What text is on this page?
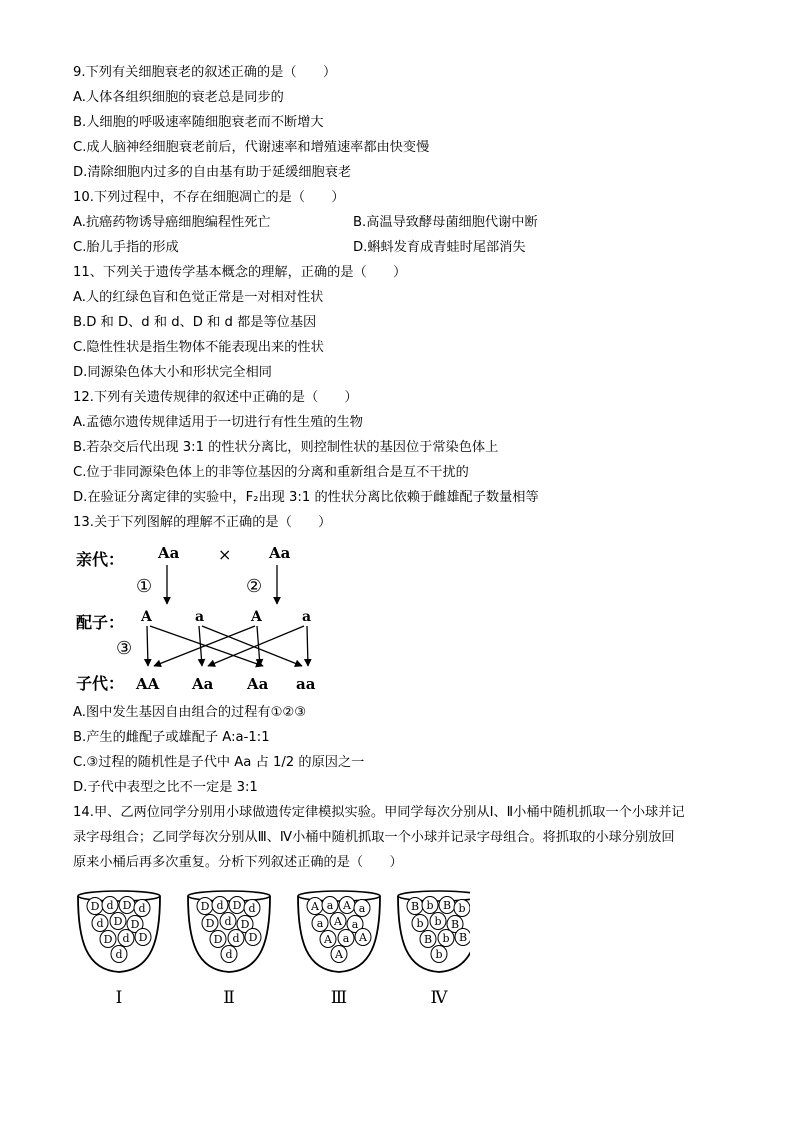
9.下列有关细胞衰老的叙述正确的是（　　）
A.人体各组织细胞的衰老总是同步的
B.人细胞的呼吸速率随细胞衰老而不断增大
C.成人脑神经细胞衰老前后，代谢速率和增殖速率都由快变慢
D.清除细胞内过多的自由基有助于延缓细胞衰老
10.下列过程中，不存在细胞凋亡的是（　　）
A.抗癌药物诱导癌细胞编程性死亡	B.高温导致酵母菌细胞代谢中断
C.胎儿手指的形成	D.蝌蚪发育成青蛙时尾部消失
11、下列关于遗传学基本概念的理解，正确的是（　　）
A.人的红绿色盲和色觉正常是一对相对性状
B.D 和 D、d 和 d、D 和 d 都是等位基因
C.隐性性状是指生物体不能表现出来的性状
D.同源染色体大小和形状完全相同
12.下列有关遗传规律的叙述中正确的是（　　）
A.孟德尔遗传规律适用于一切进行有性生殖的生物
B.若杂交后代出现 3:1 的性状分离比，则控制性状的基因位于常染色体上
C.位于非同源染色体上的非等位基因的分离和重新组合是互不干扰的
D.在验证分离定律的实验中，F₂出现 3:1 的性状分离比依赖于雌雄配子数量相等
13.关于下列图解的理解不正确的是（　　）
亲代： Aa ×	Aa
①	②
配子： A	a	A	a
③
子代： AA Aa Aa aa
A.图中发生基因自由组合的过程有①②③
B.产生的雌配子或雄配子 A:a-1:1
C.③过程的随机性是子代中 Aa 占 1/2 的原因之一
D.子代中表型之比不一定是 3:1
14.甲、乙两位同学分别用小球做遗传定律模拟实验。甲同学每次分别从Ⅰ、Ⅱ小桶中随机抓取一个小球并记
录字母组合；乙同学每次分别从Ⅲ、Ⅳ小桶中随机抓取一个小球并记录字母组合。将抓取的小球分别放回
原来小桶后再多次重复。分析下列叙述正确的是（　　）
D d D d
d D D
D d D
d
Ⅰ
D d D d
D d D
D d D
d
Ⅱ
A a A a
a A a
A a A
A
Ⅲ
B b B b
b b B
B b B
b
Ⅳ
